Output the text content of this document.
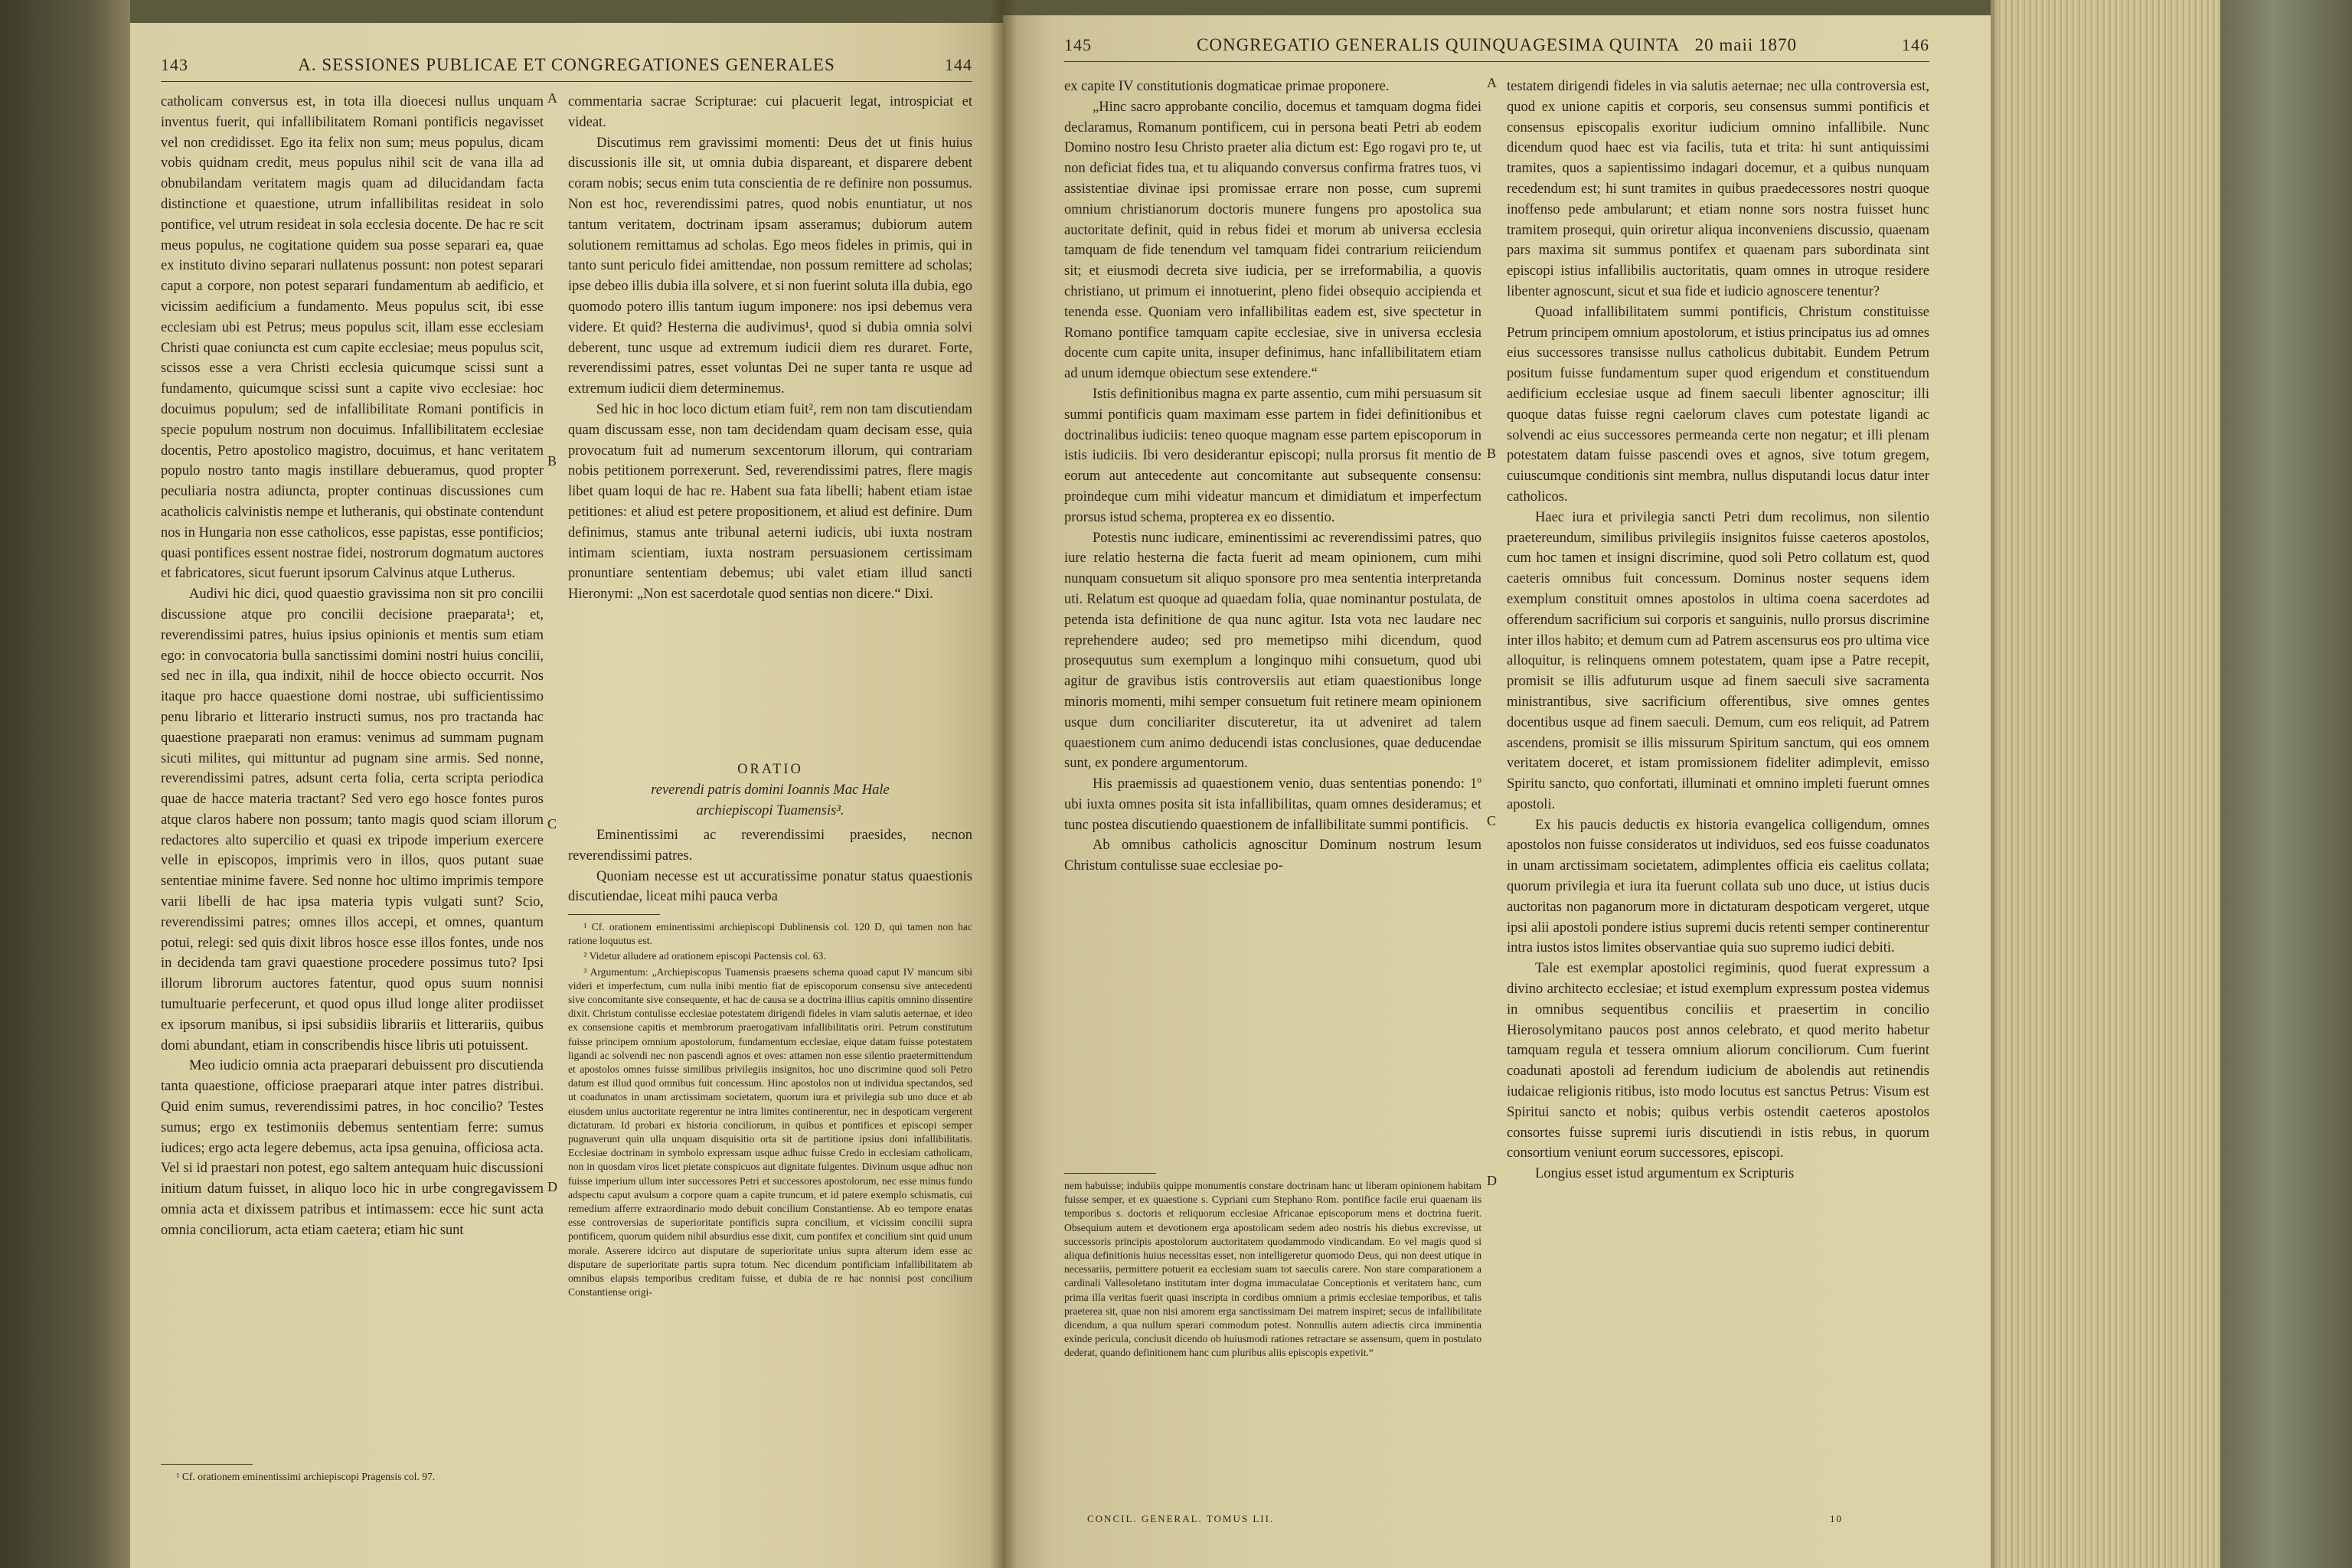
143	A. SESSIONES PUBLICAE ET CONGREGATIONES GENERALES	144

catholicam conversus est, in tota illa dioecesi nullus unquam inventus fuerit, qui infallibilitatem Romani pontificis negavisset vel non credidisset. Ego ita felix non sum; meus populus, dicam vobis quidnam credit, meus populus nihil scit de vana illa ad obnubilandam veritatem magis quam ad dilucidandam facta distinctione et quaestione, utrum infallibilitas resideat in solo pontifice, vel utrum resideat in sola ecclesia docente. De hac re scit meus populus, ne cogitatione quidem sua posse separari ea, quae ex instituto divino separari nullatenus possunt: non potest separari caput a corpore, non potest separari fundamentum ab aedificio, et vicissim aedificium a fundamento. Meus populus scit, ibi esse ecclesiam ubi est Petrus; meus populus scit, illam esse ecclesiam Christi quae coniuncta est cum capite ecclesiae; meus populus scit, scissos esse a vera Christi ecclesia quicumque scissi sunt a fundamento, quicumque scissi sunt a capite vivo ecclesiae: hoc docuimus populum; sed de infallibilitate Romani pontificis in specie populum nostrum non docuimus. Infallibilitatem ecclesiae docentis, Petro apostolico magistro, docuimus, et hanc veritatem populo nostro tanto magis instillare debueramus, quod propter peculiaria nostra adiuncta, propter continuas discussiones cum acatholicis calvinistis nempe et lutheranis, qui obstinate contendunt nos in Hungaria non esse catholicos, esse papistas, esse pontificios; quasi pontifices essent nostrae fidei, nostrorum dogmatum auctores et fabricatores, sicut fuerunt ipsorum Calvinus atque Lutherus.

Audivi hic dici, quod quaestio gravissima non sit pro concilii discussione atque pro concilii decisione praeparata¹; et, reverendissimi patres, huius ipsius opinionis et mentis sum etiam ego: in convocatoria bulla sanctissimi domini nostri huius concilii, sed nec in illa, qua indixit, nihil de hocce obiecto occurrit. Nos itaque pro hacce quaestione domi nostrae, ubi sufficientissimo penu librario et litterario instructi sumus, nos pro tractanda hac quaestione praeparati non eramus: venimus ad summam pugnam sicuti milites, qui mittuntur ad pugnam sine armis. Sed nonne, reverendissimi patres, adsunt certa folia, certa scripta periodica quae de hacce materia tractant? Sed vero ego hosce fontes puros atque claros habere non possum; tanto magis quod sciam illorum redactores alto supercilio et quasi ex tripode imperium exercere velle in episcopos, imprimis vero in illos, quos putant suae sententiae minime favere. Sed nonne hoc ultimo imprimis tempore varii libelli de hac ipsa materia typis vulgati sunt? Scio, reverendissimi patres; omnes illos accepi, et omnes, quantum potui, relegi: sed quis dixit libros hosce esse illos fontes, unde nos in decidenda tam gravi quaestione procedere possimus tuto? Ipsi illorum librorum auctores fatentur, quod opus suum nonnisi tumultuarie perfecerunt, et quod opus illud longe aliter prodiisset ex ipsorum manibus, si ipsi subsidiis librariis et litterariis, quibus domi abundant, etiam in conscribendis hisce libris uti potuissent.

Meo iudicio omnia acta praeparari debuissent pro discutienda tanta quaestione, officiose praeparari atque inter patres distribui. Quid enim sumus, reverendissimi patres, in hoc concilio? Testes sumus; ergo ex testimoniis debemus sententiam ferre: sumus iudices; ergo acta legere debemus, acta ipsa genuina, officiosa acta. Vel si id praestari non potest, ego saltem antequam huic discussioni initium datum fuisset, in aliquo loco hic in urbe congregavissem omnia acta et dixissem patribus et intimassem: ecce hic sunt acta omnia conciliorum, acta etiam caetera; etiam hic sunt

¹ Cf. orationem eminentissimi archiepiscopi Pragensis col. 97.

A
B
C
D

commentaria sacrae Scripturae: cui placuerit legat, introspiciat et videat.

Discutimus rem gravissimi momenti: Deus det ut finis huius discussionis ille sit, ut omnia dubia dispareant, et disparere debent coram nobis; secus enim tuta conscientia de re definire non possumus. Non est hoc, reverendissimi patres, quod nobis enuntiatur, ut nos tantum veritatem, doctrinam ipsam asseramus; dubiorum autem solutionem remittamus ad scholas. Ego meos fideles in primis, qui in tanto sunt periculo fidei amittendae, non possum remittere ad scholas; ipse debeo illis dubia illa solvere, et si non fuerint soluta illa dubia, ego quomodo potero illis tantum iugum imponere: nos ipsi debemus vera videre. Et quid? Hesterna die audivimus¹, quod si dubia omnia solvi deberent, tunc usque ad extremum iudicii diem res duraret. Forte, reverendissimi patres, esset voluntas Dei ne super tanta re usque ad extremum iudicii diem determinemus.

Sed hic in hoc loco dictum etiam fuit², rem non tam discutiendam quam discussam esse, non tam decidendam quam decisam esse, quia provocatum fuit ad numerum sexcentorum illorum, qui contrariam nobis petitionem porrexerunt. Sed, reverendissimi patres, flere magis libet quam loqui de hac re. Habent sua fata libelli; habent etiam istae petitiones: et aliud est petere propositionem, et aliud est definire. Dum definimus, stamus ante tribunal aeterni iudicis, ubi iuxta nostram intimam scientiam, iuxta nostram persuasionem certissimam pronuntiare sententiam debemus; ubi valet etiam illud sancti Hieronymi: „Non est sacerdotale quod sentias non dicere.“ Dixi.

ORATIO
reverendi patris domini Ioannis Mac Hale
archiepiscopi Tuamensis³.

Eminentissimi ac reverendissimi praesides, necnon reverendissimi patres.

Quoniam necesse est ut accuratissime ponatur status quaestionis discutiendae, liceat mihi pauca verba

¹ Cf. orationem eminentissimi archiepiscopi Dublinensis col. 120 D, qui tamen non hac ratione loquutus est.

² Videtur alludere ad orationem episcopi Pactensis col. 63.

³ Argumentum: „Archiepiscopus Tuamensis praesens schema quoad caput IV mancum sibi videri et imperfectum, cum nulla inibi mentio fiat de episcoporum consensu sive antecedenti sive concomitante sive consequente, et hac de causa se a doctrina illius capitis omnino dissentire dixit. Christum contulisse ecclesiae potestatem dirigendi fideles in viam salutis aeternae, et ideo ex consensione capitis et membrorum praerogativam infallibilitatis oriri. Petrum constitutum fuisse principem omnium apostolorum, fundamentum ecclesiae, eique datam fuisse potestatem ligandi ac solvendi nec non pascendi agnos et oves: attamen non esse silentio praetermittendum et apostolos omnes fuisse similibus privilegiis insignitos, hoc uno discrimine quod soli Petro datum est illud quod omnibus fuit concessum. Hinc apostolos non ut individua spectandos, sed ut coadunatos in unam arctissimam societatem, quorum iura et privilegia sub uno duce et ab eiusdem unius auctoritate regerentur ne intra limites continerentur, nec in despoticam vergerent dictaturam. Id probari ex historia conciliorum, in quibus et pontifices et episcopi semper pugnaverunt quin ulla unquam disquisitio orta sit de partitione ipsius doni infallibilitatis. Ecclesiae doctrinam in symbolo expressam usque adhuc fuisse Credo in ecclesiam catholicam, non in quosdam viros licet pietate conspicuos aut dignitate fulgentes. Divinum usque adhuc non fuisse imperium ullum inter successores Petri et successores apostolorum, nec esse minus fundo adspectu caput avulsum a corpore quam a capite truncum, et id patere exemplo schismatis, cui remedium afferre extraordinario modo debuit concilium Constantiense. Ab eo tempore enatas esse controversias de superioritate pontificis supra concilium, et vicissim concilii supra pontificem, quorum quidem nihil absurdius esse dixit, cum pontifex et concilium sint quid unum morale. Asserere idcirco aut disputare de superioritate unius supra alterum idem esse ac disputare de superioritate partis supra totum. Nec dicendum pontificiam infallibilitatem ab omnibus elapsis temporibus creditam fuisse, et dubia de re hac nonnisi post concilium Constantiense origi-

145	CONGREGATIO GENERALIS QUINQUAGESIMA QUINTA 20 maii 1870	146

ex capite IV constitutionis dogmaticae primae proponere.

„Hinc sacro approbante concilio, docemus et tamquam dogma fidei declaramus, Romanum pontificem, cui in persona beati Petri ab eodem Domino nostro Iesu Christo praeter alia dictum est: Ego rogavi pro te, ut non deficiat fides tua, et tu aliquando conversus confirma fratres tuos, vi assistentiae divinae ipsi promissae errare non posse, cum supremi omnium christianorum doctoris munere fungens pro apostolica sua auctoritate definit, quid in rebus fidei et morum ab universa ecclesia tamquam de fide tenendum vel tamquam fidei contrarium reiiciendum sit; et eiusmodi decreta sive iudicia, per se irreformabilia, a quovis christiano, ut primum ei innotuerint, pleno fidei obsequio accipienda et tenenda esse. Quoniam vero infallibilitas eadem est, sive spectetur in Romano pontifice tamquam capite ecclesiae, sive in universa ecclesia docente cum capite unita, insuper definimus, hanc infallibilitatem etiam ad unum idemque obiectum sese extendere.“

Istis definitionibus magna ex parte assentio, cum mihi persuasum sit summi pontificis quam maximam esse partem in fidei definitionibus et doctrinalibus iudiciis: teneo quoque magnam esse partem episcoporum in istis iudiciis. Ibi vero desiderantur episcopi; nulla prorsus fit mentio de eorum aut antecedente aut concomitante aut subsequente consensu: proindeque cum mihi videatur mancum et dimidiatum et imperfectum prorsus istud schema, propterea ex eo dissentio.

Potestis nunc iudicare, eminentissimi ac reverendissimi patres, quo iure relatio hesterna die facta fuerit ad meam opinionem, cum mihi nunquam consuetum sit aliquo sponsore pro mea sententia interpretanda uti. Relatum est quoque ad quaedam folia, quae nominantur postulata, de petenda ista definitione de qua nunc agitur. Ista vota nec laudare nec reprehendere audeo; sed pro memetipso mihi dicendum, quod prosequutus sum exemplum a longinquo mihi consuetum, quod ubi agitur de gravibus istis controversiis aut etiam quaestionibus longe minoris momenti, mihi semper consuetum fuit retinere meam opinionem usque dum conciliariter discuteretur, ita ut adveniret ad talem quaestionem cum animo deducendi istas conclusiones, quae deducendae sunt, ex pondere argumentorum.

His praemissis ad quaestionem venio, duas sententias ponendo: 1º ubi iuxta omnes posita sit ista infallibilitas, quam omnes desideramus; et tunc postea discutiendo quaestionem de infallibilitate summi pontificis.

Ab omnibus catholicis agnoscitur Dominum nostrum Iesum Christum contulisse suae ecclesiae po-

nem habuisse; indubiis quippe monumentis constare doctrinam hanc ut liberam opinionem habitam fuisse semper, et ex quaestione s. Cypriani cum Stephano Rom. pontifice facile erui quaenam iis temporibus s. doctoris et reliquorum ecclesiae Africanae episcoporum mens et doctrina fuerit. Obsequium autem et devotionem erga apostolicam sedem adeo nostris his diebus excrevisse, ut successoris principis apostolorum auctoritatem quodammodo vindicandam. Eo vel magis quod si aliqua definitionis huius necessitas esset, non intelligeretur quomodo Deus, qui non deest utique in necessariis, permittere potuerit ea ecclesiam suam tot saeculis carere. Non stare comparationem a cardinali Vallesoletano institutam inter dogma immaculatae Conceptionis et veritatem hanc, cum prima illa veritas fuerit quasi inscripta in cordibus omnium a primis ecclesiae temporibus, et talis praeterea sit, quae non nisi amorem erga sanctissimam Dei matrem inspiret; secus de infallibilitate dicendum, a qua nullum sperari commodum potest. Nonnullis autem adiectis circa imminentia exinde pericula, conclusit dicendo ob huiusmodi rationes retractare se assensum, quem in postulato dederat, quando definitionem hanc cum pluribus aliis episcopis expetivit.“

CONCIL. GENERAL. TOMUS LII.	10
A
B
C
D

testatem dirigendi fideles in via salutis aeternae; nec ulla controversia est, quod ex unione capitis et corporis, seu consensus summi pontificis et consensus episcopalis exoritur iudicium omnino infallibile. Nunc dicendum quod haec est via facilis, tuta et trita: hi sunt antiquissimi tramites, quos a sapientissimo indagari docemur, et a quibus nunquam recedendum est; hi sunt tramites in quibus praedecessores nostri quoque inoffenso pede ambularunt; et etiam nonne sors nostra fuisset hunc tramitem prosequi, quin oriretur aliqua inconveniens discussio, quaenam pars maxima sit summus pontifex et quaenam pars subordinata sint episcopi istius infallibilis auctoritatis, quam omnes in utroque residere libenter agnoscunt, sicut et sua fide et iudicio agnoscere tenentur?

Quoad infallibilitatem summi pontificis, Christum constituisse Petrum principem omnium apostolorum, et istius principatus ius ad omnes eius successores transisse nullus catholicus dubitabit. Eundem Petrum positum fuisse fundamentum super quod erigendum et constituendum aedificium ecclesiae usque ad finem saeculi libenter agnoscitur; illi quoque datas fuisse regni caelorum claves cum potestate ligandi ac solvendi ac eius successores permeanda certe non negatur; et illi plenam potestatem datam fuisse pascendi oves et agnos, sive totum gregem, cuiuscumque conditionis sint membra, nullus disputandi locus datur inter catholicos.

Haec iura et privilegia sancti Petri dum recolimus, non silentio praetereundum, similibus privilegiis insignitos fuisse caeteros apostolos, cum hoc tamen et insigni discrimine, quod soli Petro collatum est, quod caeteris omnibus fuit concessum. Dominus noster sequens idem exemplum constituit omnes apostolos in ultima coena sacerdotes ad offerendum sacrificium sui corporis et sanguinis, nullo prorsus discrimine inter illos habito; et demum cum ad Patrem ascensurus eos pro ultima vice alloquitur, is relinquens omnem potestatem, quam ipse a Patre recepit, promisit se illis adfuturum usque ad finem saeculi sive sacramenta ministrantibus, sive sacrificium offerentibus, sive omnes gentes docentibus usque ad finem saeculi. Demum, cum eos reliquit, ad Patrem ascendens, promisit se illis missurum Spiritum sanctum, qui eos omnem veritatem doceret, et istam promissionem fideliter adimplevit, emisso Spiritu sancto, quo confortati, illuminati et omnino impleti fuerunt omnes apostoli.

Ex his paucis deductis ex historia evangelica colligendum, omnes apostolos non fuisse consideratos ut individuos, sed eos fuisse coadunatos in unam arctissimam societatem, adimplentes officia eis caelitus collata; quorum privilegia et iura ita fuerunt collata sub uno duce, ut istius ducis auctoritas non paganorum more in dictaturam despoticam vergeret, utque ipsi alii apostoli pondere istius supremi ducis retenti semper continerentur intra iustos istos limites observantiae quia suo supremo iudici debiti.

Tale est exemplar apostolici regiminis, quod fuerat expressum a divino architecto ecclesiae; et istud exemplum expressum postea videmus in omnibus sequentibus conciliis et praesertim in concilio Hierosolymitano paucos post annos celebrato, et quod merito habetur tamquam regula et tessera omnium aliorum conciliorum. Cum fuerint coadunati apostoli ad ferendum iudicium de abolendis aut retinendis iudaicae religionis ritibus, isto modo locutus est sanctus Petrus: Visum est Spiritui sancto et nobis; quibus verbis ostendit caeteros apostolos consortes fuisse supremi iuris discutiendi in istis rebus, in quorum consortium veniunt eorum successores, episcopi.

Longius esset istud argumentum ex Scripturis
